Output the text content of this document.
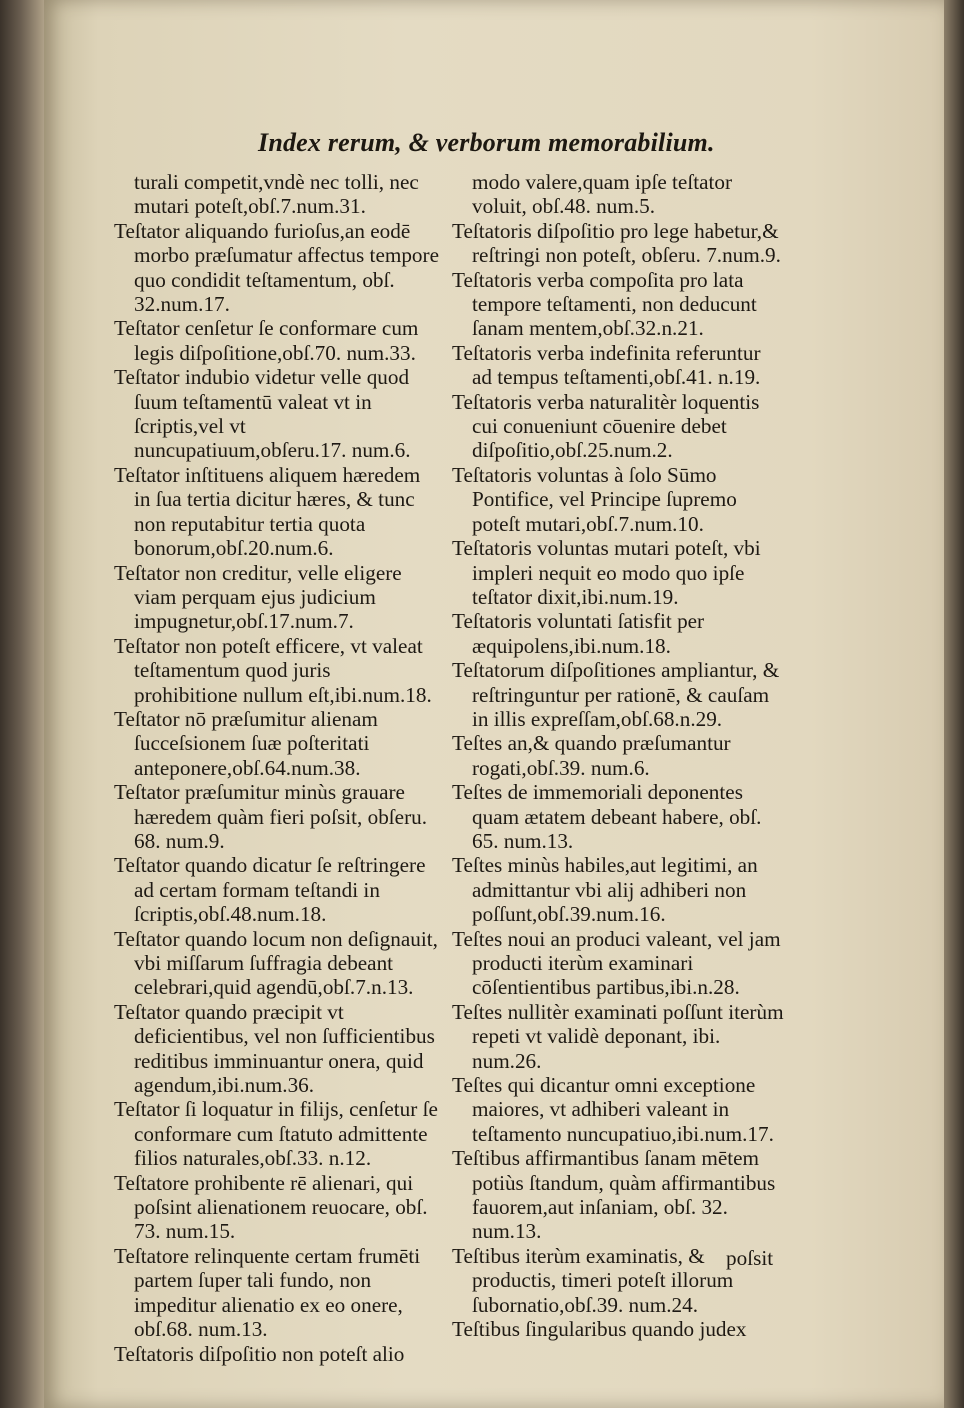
Index rerum, & verborum memorabilium.

turali competit,vndè nec tolli, nec mutari poteſt,obſ.7.num.31.

Teſtator aliquando furioſus,an eodē morbo præſumatur affectus tempore quo condidit teſtamentum, obſ. 32.num.17.

Teſtator cenſetur ſe conformare cum legis diſpoſitione,obſ.70. num.33.

Teſtator indubio videtur velle quod ſuum teſtamentū valeat vt in ſcriptis,vel vt nuncupatiuum,obſeru.17. num.6.

Teſtator inſtituens aliquem hæredem in ſua tertia dicitur hæres, & tunc non reputabitur tertia quota bonorum,obſ.20.num.6.

Teſtator non creditur, velle eligere viam perquam ejus judicium impugnetur,obſ.17.num.7.

Teſtator non poteſt efficere, vt valeat teſtamentum quod juris prohibitione nullum eſt,ibi.num.18.

Teſtator nō præſumitur alienam ſucceſsionem ſuæ poſteritati anteponere,obſ.64.num.38.

Teſtator præſumitur minùs grauare hæredem quàm fieri poſsit, obſeru. 68. num.9.

Teſtator quando dicatur ſe reſtringere ad certam formam teſtandi in ſcriptis,obſ.48.num.18.

Teſtator quando locum non deſignauit, vbi miſſarum ſuffragia debeant celebrari,quid agendū,obſ.7.n.13.

Teſtator quando præcipit vt deficientibus, vel non ſufficientibus reditibus imminuantur onera, quid agendum,ibi.num.36.

Teſtator ſi loquatur in filijs, cenſetur ſe conformare cum ſtatuto admittente filios naturales,obſ.33. n.12.

Teſtatore prohibente rē alienari, qui poſsint alienationem reuocare, obſ. 73. num.15.

Teſtatore relinquente certam frumēti partem ſuper tali fundo, non impeditur alienatio ex eo onere, obſ.68. num.13.

Teſtatoris diſpoſitio non poteſt alio

modo valere,quam ipſe teſtator voluit, obſ.48. num.5.

Teſtatoris diſpoſitio pro lege habetur,& reſtringi non poteſt, obſeru. 7.num.9.

Teſtatoris verba compoſita pro lata tempore teſtamenti, non deducunt ſanam mentem,obſ.32.n.21.

Teſtatoris verba indefinita referuntur ad tempus teſtamenti,obſ.41. n.19.

Teſtatoris verba naturalitèr loquentis cui conueniunt cōuenire debet diſpoſitio,obſ.25.num.2.

Teſtatoris voluntas à ſolo Sūmo Pontifice, vel Principe ſupremo poteſt mutari,obſ.7.num.10.

Teſtatoris voluntas mutari poteſt, vbi impleri nequit eo modo quo ipſe teſtator dixit,ibi.num.19.

Teſtatoris voluntati ſatisfit per æquipolens,ibi.num.18.

Teſtatorum diſpoſitiones ampliantur, & reſtringuntur per rationē, & cauſam in illis expreſſam,obſ.68.n.29.

Teſtes an,& quando præſumantur rogati,obſ.39. num.6.

Teſtes de immemoriali deponentes quam ætatem debeant habere, obſ. 65. num.13.

Teſtes minùs habiles,aut legitimi, an admittantur vbi alij adhiberi non poſſunt,obſ.39.num.16.

Teſtes noui an produci valeant, vel jam producti iterùm examinari cōſentientibus partibus,ibi.n.28.

Teſtes nullitèr examinati poſſunt iterùm repeti vt validè deponant, ibi. num.26.

Teſtes qui dicantur omni exceptione maiores, vt adhiberi valeant in teſtamento nuncupatiuo,ibi.num.17.

Teſtibus affirmantibus ſanam mētem potiùs ſtandum, quàm affirmantibus fauorem,aut inſaniam, obſ. 32. num.13.

Teſtibus iterùm examinatis, & productis, timeri poteſt illorum ſubornatio,obſ.39. num.24.

Teſtibus ſingularibus quando judex

poſsit
